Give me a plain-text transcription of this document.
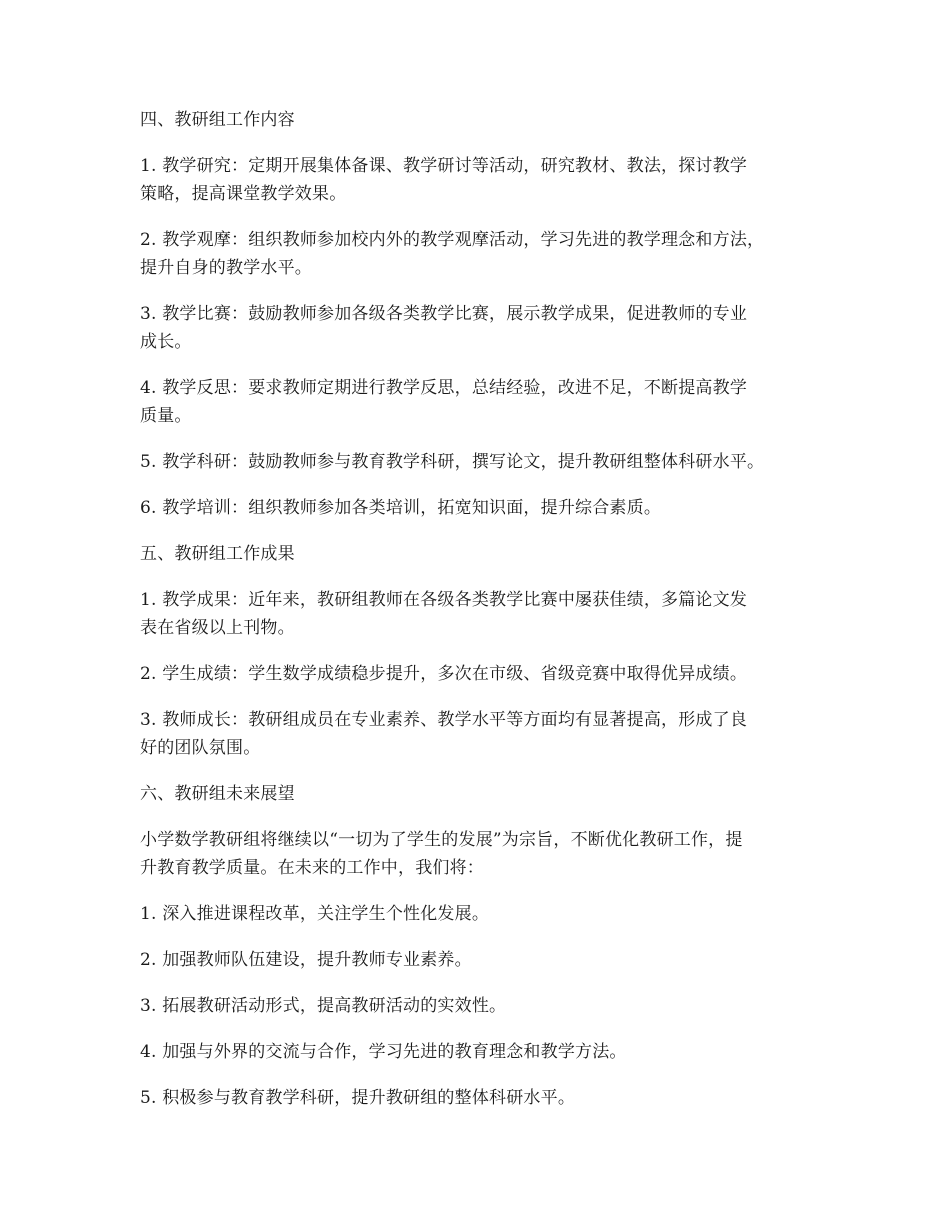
四、教研组工作内容
1. 教学研究：定期开展集体备课、教学研讨等活动，研究教材、教法，探讨教学
策略，提高课堂教学效果。
2. 教学观摩：组织教师参加校内外的教学观摩活动，学习先进的教学理念和方法，
提升自身的教学水平。
3. 教学比赛：鼓励教师参加各级各类教学比赛，展示教学成果，促进教师的专业
成长。
4. 教学反思：要求教师定期进行教学反思，总结经验，改进不足，不断提高教学
质量。
5. 教学科研：鼓励教师参与教育教学科研，撰写论文，提升教研组整体科研水平。
6. 教学培训：组织教师参加各类培训，拓宽知识面，提升综合素质。
五、教研组工作成果
1. 教学成果：近年来，教研组教师在各级各类教学比赛中屡获佳绩，多篇论文发
表在省级以上刊物。
2. 学生成绩：学生数学成绩稳步提升，多次在市级、省级竞赛中取得优异成绩。
3. 教师成长：教研组成员在专业素养、教学水平等方面均有显著提高，形成了良
好的团队氛围。
六、教研组未来展望
小学数学教研组将继续以“一切为了学生的发展”为宗旨，不断优化教研工作，提
升教育教学质量。在未来的工作中，我们将：
1. 深入推进课程改革，关注学生个性化发展。
2. 加强教师队伍建设，提升教师专业素养。
3. 拓展教研活动形式，提高教研活动的实效性。
4. 加强与外界的交流与合作，学习先进的教育理念和教学方法。
5. 积极参与教育教学科研，提升教研组的整体科研水平。
